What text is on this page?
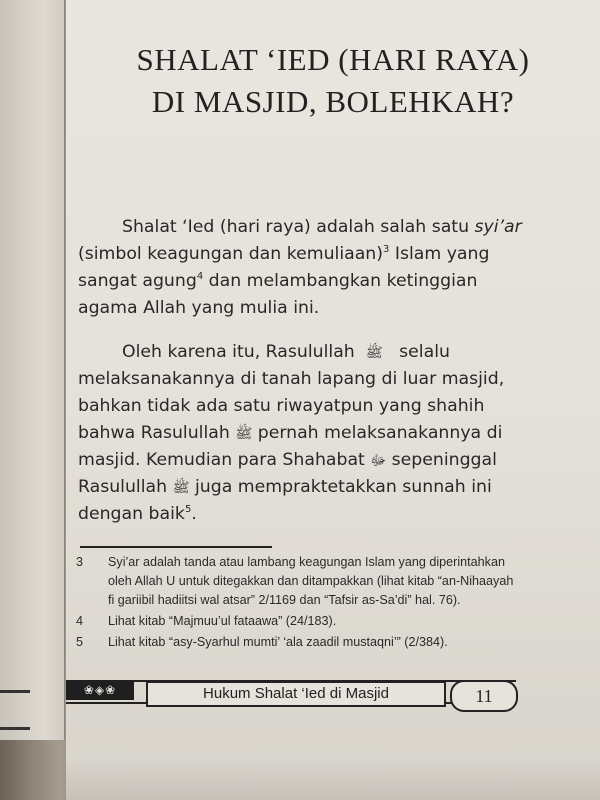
SHALAT ‘IED (HARI RAYA)
DI MASJID, BOLEHKAH?
Shalat ‘Ied (hari raya) adalah salah satu syi’ar
(simbol keagungan dan kemuliaan)$^3$ Islam yang
sangat agung$^4$ dan melambangkan ketinggian
agama Allah yang mulia ini.
Oleh karena itu, Rasulullah ﷺ selalu
melaksanakannya di tanah lapang di luar masjid,
bahkan tidak ada satu riwayatpun yang shahih
bahwa Rasulullah ﷺ pernah melaksanakannya di
masjid. Kemudian para Shahabat ﷻ sepeninggal
Rasulullah ﷺ juga mempraktetakkan sunnah ini
dengan baik$^5$.
3 Syi’ar adalah tanda atau lambang keagungan Islam yang diperintahkan
oleh Allah U untuk ditegakkan dan ditampakkan (lihat kitab “an-Nihaayah
fi gariibil hadiitsi wal atsar” 2/1169 dan “Tafsir as-Sa’di” hal. 76).
4 Lihat kitab “Majmuu’ul fataawa” (24/183).
5 Lihat kitab “asy-Syarhul mumti’ ‘ala zaadil mustaqni’” (2/384).
❀◈❀	Hukum Shalat ‘Ied di Masjid	11
